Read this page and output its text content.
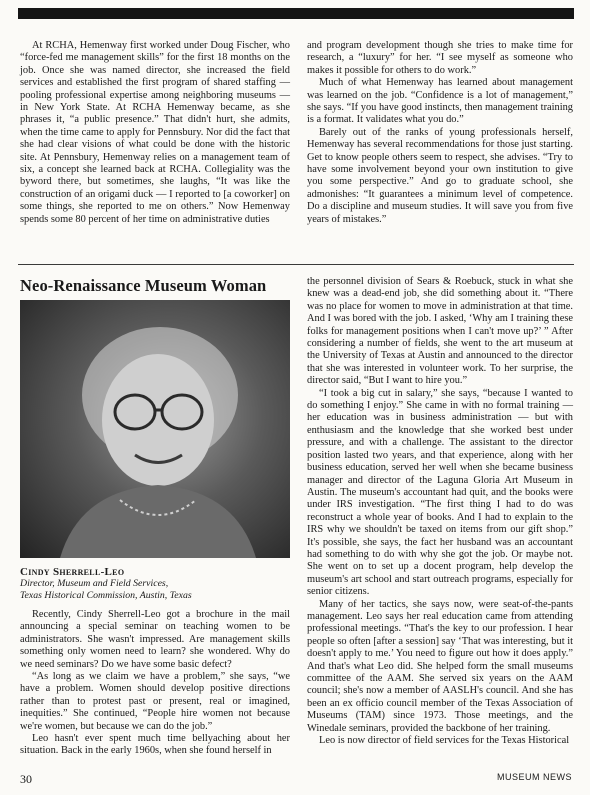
At RCHA, Hemenway first worked under Doug Fischer, who “force-fed me management skills” for the first 18 months on the job. Once she was named director, she increased the field services and established the first program of shared staffing — pooling professional expertise among neighboring museums — in New York State. At RCHA Hemenway became, as she phrases it, “a public presence.” That didn't hurt, she admits, when the time came to apply for Pennsbury. Nor did the fact that she had clear visions of what could be done with the historic site. At Pennsbury, Hemenway relies on a management team of six, a concept she learned back at RCHA. Collegiality was the byword there, but sometimes, she laughs, “It was like the construction of an origami duck — I reported to [a coworker] on some things, she reported to me on others.” Now Hemenway spends some 80 percent of her time on administrative duties

and program development though she tries to make time for research, a “luxury” for her. “I see myself as someone who makes it possible for others to do work.”

Much of what Hemenway has learned about management was learned on the job. “Confidence is a lot of management,” she says. “If you have good instincts, then management training is a format. It validates what you do.”

Barely out of the ranks of young professionals herself, Hemenway has several recommendations for those just starting. Get to know people others seem to respect, she advises. “Try to have some involvement beyond your own institution to give you some perspective.” And go to graduate school, she admonishes: “It guarantees a minimum level of competence. Do a discipline and museum studies. It will save you from five years of mistakes.”

Neo-Renaissance Museum Woman
Cindy Sherrell-Leo
Director, Museum and Field Services,
Texas Historical Commission, Austin, Texas

Recently, Cindy Sherrell-Leo got a brochure in the mail announcing a special seminar on teaching women to be administrators. She wasn't impressed. Are management skills something only women need to learn? she wondered. Why do we need seminars? Do we have some basic defect?

“As long as we claim we have a problem,” she says, “we have a problem. Women should develop positive directions rather than to protest past or present, real or imagined, inequities.” She continued, “People hire women not because we're women, but because we can do the job.”

Leo hasn't ever spent much time bellyaching about her situation. Back in the early 1960s, when she found herself in

the personnel division of Sears & Roebuck, stuck in what she knew was a dead-end job, she did something about it. “There was no place for women to move in administration at that time. And I was bored with the job. I asked, ‘Why am I training these folks for management positions when I can't move up?’ ” After considering a number of fields, she went to the art museum at the University of Texas at Austin and announced to the director that she was interested in volunteer work. To her surprise, the director said, “But I want to hire you.”

“I took a big cut in salary,” she says, “because I wanted to do something I enjoy.” She came in with no formal training — her education was in business administration — but with enthusiasm and the knowledge that she worked best under pressure, and with a challenge. The assistant to the director position lasted two years, and that experience, along with her business education, served her well when she became business manager and director of the Laguna Gloria Art Museum in Austin. The museum's accountant had quit, and the books were under IRS investigation. “The first thing I had to do was reconstruct a whole year of books. And I had to explain to the IRS why we shouldn't be taxed on items from our gift shop.” It's possible, she says, the fact her husband was an accountant had something to do with why she got the job. Or maybe not. She went on to set up a docent program, help develop the museum's art school and start outreach programs, especially for senior citizens.

Many of her tactics, she says now, were seat-of-the-pants management. Leo says her real education came from attending professional meetings. “That's the key to our profession. I hear people so often [after a session] say ‘That was interesting, but it doesn't apply to me.’ You need to figure out how it does apply.” And that's what Leo did. She helped form the small museums committee of the AAM. She served six years on the AAM council; she's now a member of AASLH's council. And she has been an ex officio council member of the Texas Association of Museums (TAM) since 1973. Those meetings, and the Winedale seminars, provided the backbone of her training.

Leo is now director of field services for the Texas Historical

30	MUSEUM NEWS
